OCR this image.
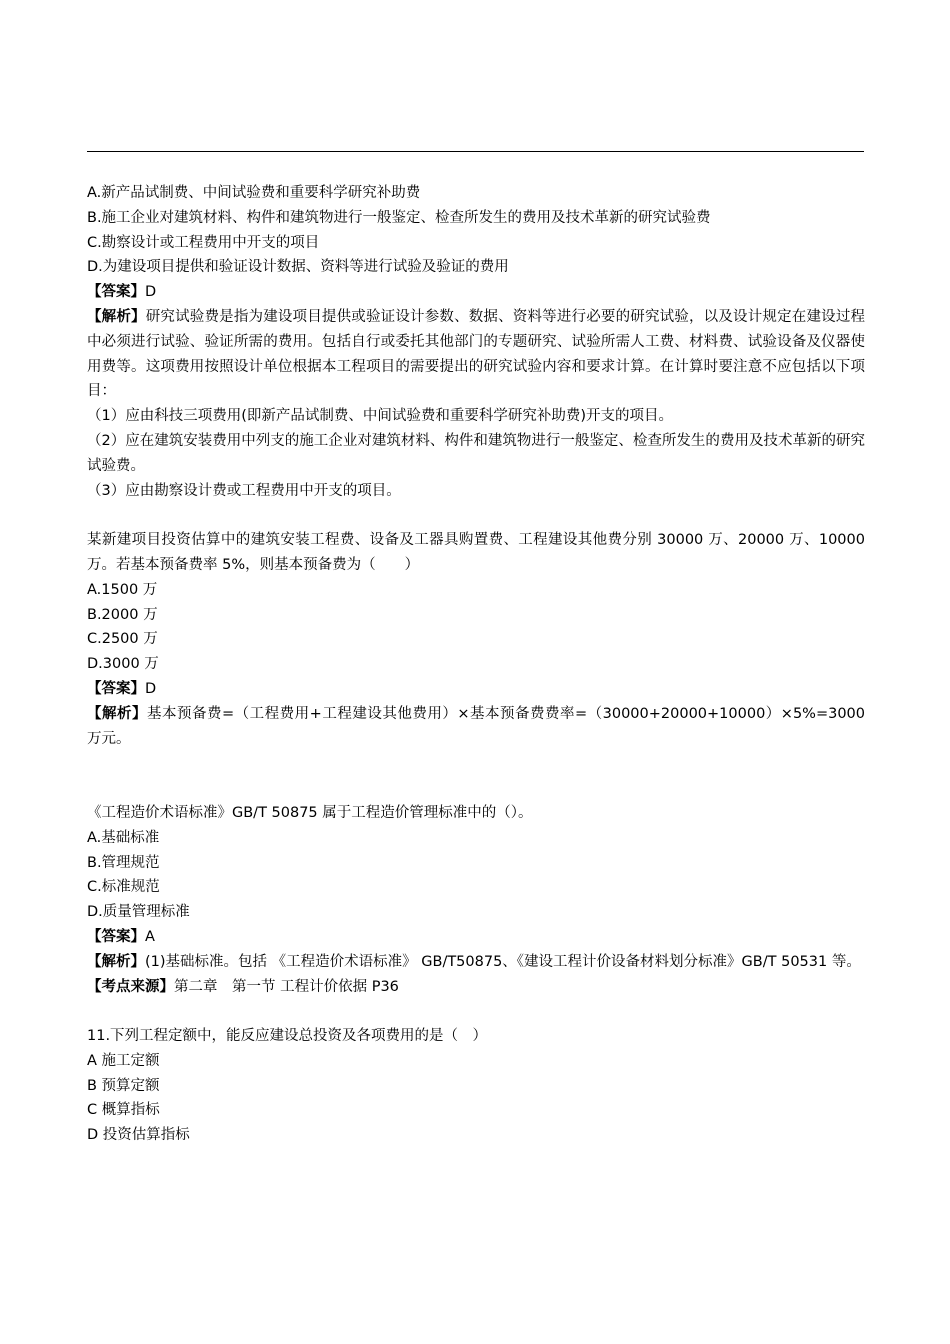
A.新产品试制费、中间试验费和重要科学研究补助费
B.施工企业对建筑材料、构件和建筑物进行一般鉴定、检查所发生的费用及技术革新的研究试验费
C.勘察设计或工程费用中开支的项目
D.为建设项目提供和验证设计数据、资料等进行试验及验证的费用
【答案】D
【解析】研究试验费是指为建设项目提供或验证设计参数、数据、资料等进行必要的研究试验，以及设计规定在建设过程中必须进行试验、验证所需的费用。包括自行或委托其他部门的专题研究、试验所需人工费、材料费、试验设备及仪器使用费等。这项费用按照设计单位根据本工程项目的需要提出的研究试验内容和要求计算。在计算时要注意不应包括以下项目：
（1）应由科技三项费用(即新产品试制费、中间试验费和重要科学研究补助费)开支的项目。
（2）应在建筑安装费用中列支的施工企业对建筑材料、构件和建筑物进行一般鉴定、检查所发生的费用及技术革新的研究试验费。
（3）应由勘察设计费或工程费用中开支的项目。
某新建项目投资估算中的建筑安装工程费、设备及工器具购置费、工程建设其他费分别 30000 万、20000 万、10000 万。若基本预备费率 5%，则基本预备费为（　　）
A.1500 万
B.2000 万
C.2500 万
D.3000 万
【答案】D
【解析】基本预备费=（工程费用+工程建设其他费用）×基本预备费费率=（30000+20000+10000）×5%=3000 万元。
《工程造价术语标准》GB/T 50875 属于工程造价管理标准中的（）。
A.基础标准
B.管理规范
C.标准规范
D.质量管理标准
【答案】A
【解析】(1)基础标准。包括 《工程造价术语标准》 GB/T50875、《建设工程计价设备材料划分标准》GB/T 50531 等。
【考点来源】第二章　第一节 工程计价依据 P36
11.下列工程定额中，能反应建设总投资及各项费用的是（　）
A 施工定额
B 预算定额
C 概算指标
D 投资估算指标
